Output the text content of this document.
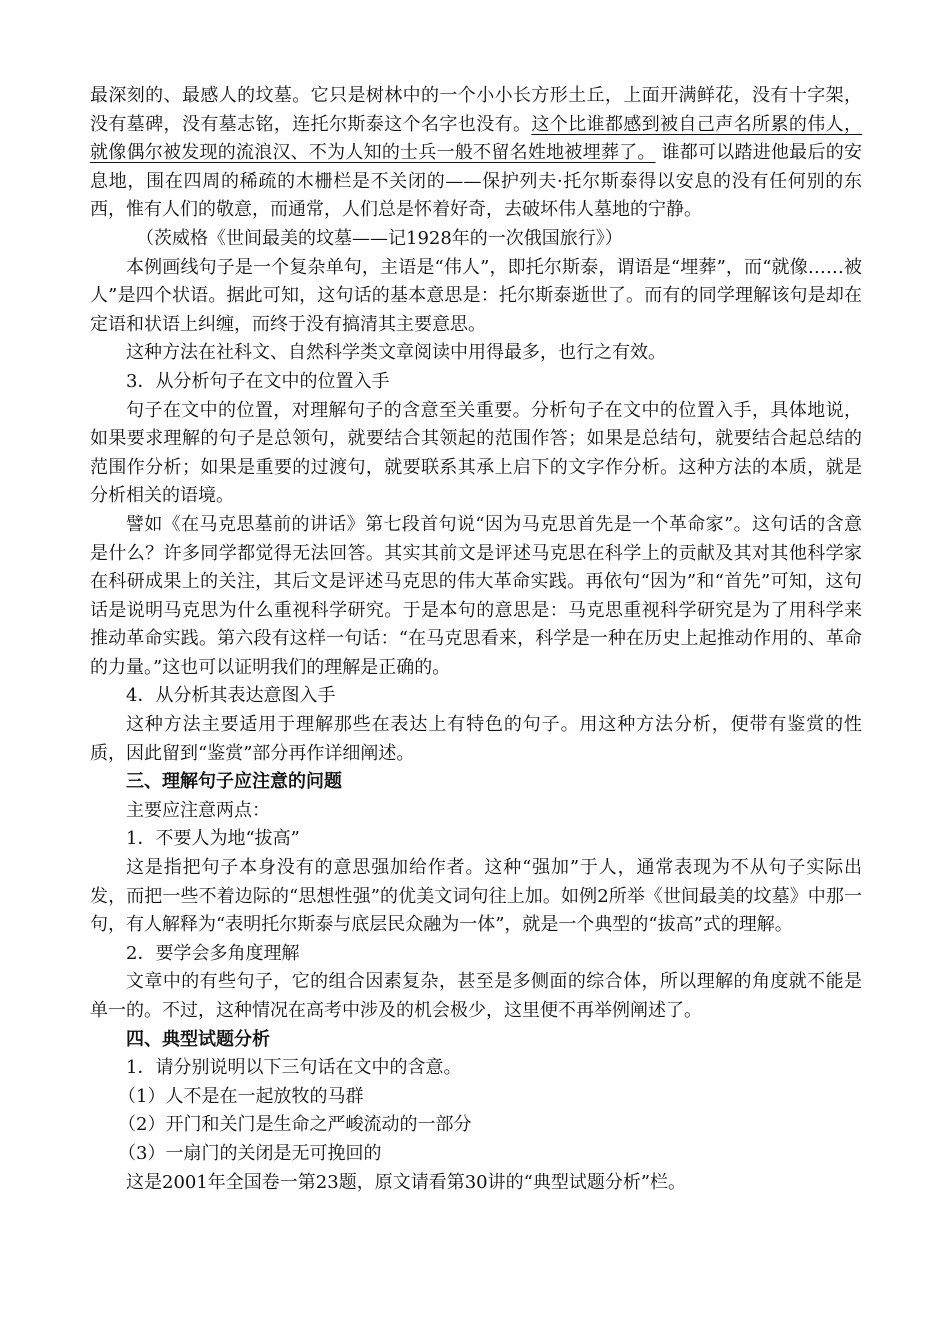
最深刻的、最感人的坟墓。它只是树林中的一个小小长方形土丘，上面开满鲜花，没有十字架，没有墓碑，没有墓志铭，连托尔斯泰这个名字也没有。这个比谁都感到被自己声名所累的伟人，就像偶尔被发现的流浪汉、不为人知的士兵一般不留名姓地被埋葬了。 谁都可以踏进他最后的安息地，围在四周的稀疏的木栅栏是不关闭的——保护列夫·托尔斯泰得以安息的没有任何别的东西，惟有人们的敬意，而通常，人们总是怀着好奇，去破坏伟人墓地的宁静。

（茨威格《世间最美的坟墓——记1928年的一次俄国旅行》）

本例画线句子是一个复杂单句，主语是“伟人”，即托尔斯泰，谓语是“埋葬”，而“就像……被人”是四个状语。据此可知，这句话的基本意思是：托尔斯泰逝世了。而有的同学理解该句是却在定语和状语上纠缠，而终于没有搞清其主要意思。

这种方法在社科文、自然科学类文章阅读中用得最多，也行之有效。

3．从分析句子在文中的位置入手

句子在文中的位置，对理解句子的含意至关重要。分析句子在文中的位置入手，具体地说，如果要求理解的句子是总领句，就要结合其领起的范围作答；如果是总结句，就要结合起总结的范围作分析；如果是重要的过渡句，就要联系其承上启下的文字作分析。这种方法的本质，就是分析相关的语境。

譬如《在马克思墓前的讲话》第七段首句说“因为马克思首先是一个革命家”。这句话的含意是什么？许多同学都觉得无法回答。其实其前文是评述马克思在科学上的贡献及其对其他科学家在科研成果上的关注，其后文是评述马克思的伟大革命实践。再依句“因为”和“首先”可知，这句话是说明马克思为什么重视科学研究。于是本句的意思是：马克思重视科学研究是为了用科学来推动革命实践。第六段有这样一句话：“在马克思看来，科学是一种在历史上起推动作用的、革命的力量。”这也可以证明我们的理解是正确的。

4．从分析其表达意图入手

这种方法主要适用于理解那些在表达上有特色的句子。用这种方法分析，便带有鉴赏的性质，因此留到“鉴赏”部分再作详细阐述。

三、理解句子应注意的问题

主要应注意两点：

1．不要人为地“拔高”

这是指把句子本身没有的意思强加给作者。这种“强加”于人，通常表现为不从句子实际出发，而把一些不着边际的“思想性强”的优美文词句往上加。如例2所举《世间最美的坟墓》中那一句，有人解释为“表明托尔斯泰与底层民众融为一体”，就是一个典型的“拔高”式的理解。

2．要学会多角度理解

文章中的有些句子，它的组合因素复杂，甚至是多侧面的综合体，所以理解的角度就不能是单一的。不过，这种情况在高考中涉及的机会极少，这里便不再举例阐述了。

四、典型试题分析

1．请分别说明以下三句话在文中的含意。

（1）人不是在一起放牧的马群

（2）开门和关门是生命之严峻流动的一部分

（3）一扇门的关闭是无可挽回的

这是2001年全国卷一第23题，原文请看第30讲的“典型试题分析”栏。
